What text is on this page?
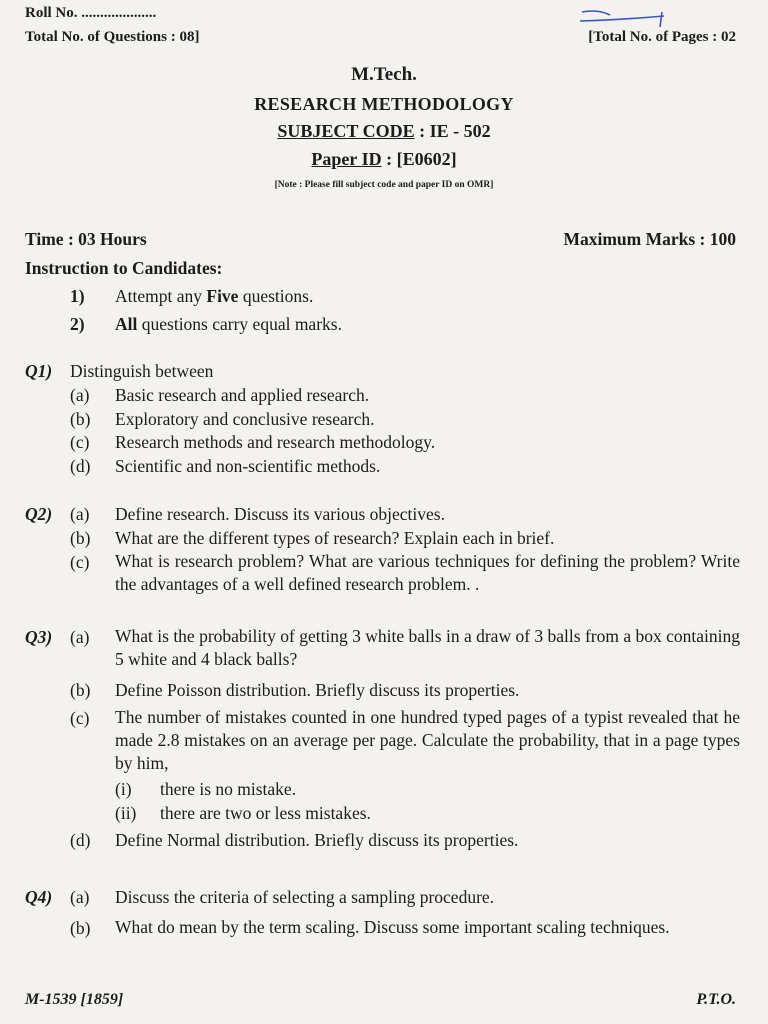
Roll No. ....................
Total No. of Questions : 08]	[Total No. of Pages : 02
M.Tech.
RESEARCH METHODOLOGY
SUBJECT CODE : IE - 502
Paper ID : [E0602]
[Note : Please fill subject code and paper ID on OMR]
Time : 03 Hours	Maximum Marks : 100
Instruction to Candidates:
1) Attempt any Five questions.
2) All questions carry equal marks.
Q1) Distinguish between
(a) Basic research and applied research.
(b) Exploratory and conclusive research.
(c) Research methods and research methodology.
(d) Scientific and non-scientific methods.
Q2) (a) Define research. Discuss its various objectives.
(b) What are the different types of research? Explain each in brief.
(c) What is research problem? What are various techniques for defining the problem? Write the advantages of a well defined research problem. .
Q3) (a) What is the probability of getting 3 white balls in a draw of 3 balls from a box containing 5 white and 4 black balls?
(b) Define Poisson distribution. Briefly discuss its properties.
(c) The number of mistakes counted in one hundred typed pages of a typist revealed that he made 2.8 mistakes on an average per page. Calculate the probability, that in a page types by him,
(i) there is no mistake.
(ii) there are two or less mistakes.
(d) Define Normal distribution. Briefly discuss its properties.
Q4) (a) Discuss the criteria of selecting a sampling procedure.
(b) What do mean by the term scaling. Discuss some important scaling techniques.
M-1539 [1859]	P.T.O.
